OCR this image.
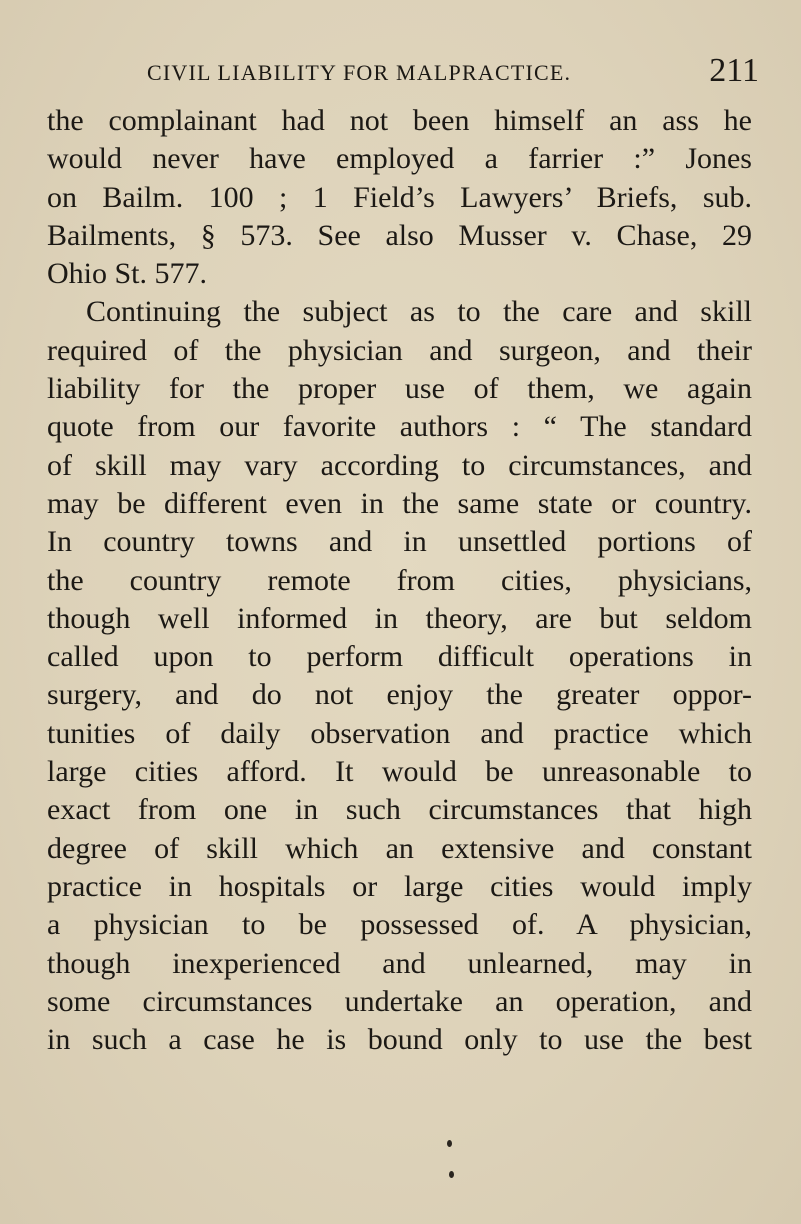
CIVIL LIABILITY FOR MALPRACTICE.	211
the complainant had not been himself an ass he
would never have employed a farrier :” Jones
on Bailm. 100 ; 1 Field’s Lawyers’ Briefs, sub.
Bailments, § 573. See also Musser v. Chase, 29
Ohio St. 577.
Continuing the subject as to the care and skill
required of the physician and surgeon, and their
liability for the proper use of them, we again
quote from our favorite authors : “ The standard
of skill may vary according to circumstances, and
may be different even in the same state or country.
In country towns and in unsettled portions of
the country remote from cities, physicians,
though well informed in theory, are but seldom
called upon to perform difficult operations in
surgery, and do not enjoy the greater oppor-
tunities of daily observation and practice which
large cities afford. It would be unreasonable to
exact from one in such circumstances that high
degree of skill which an extensive and constant
practice in hospitals or large cities would imply
a physician to be possessed of. A physician,
though inexperienced and unlearned, may in
some circumstances undertake an operation, and
in such a case he is bound only to use the best
